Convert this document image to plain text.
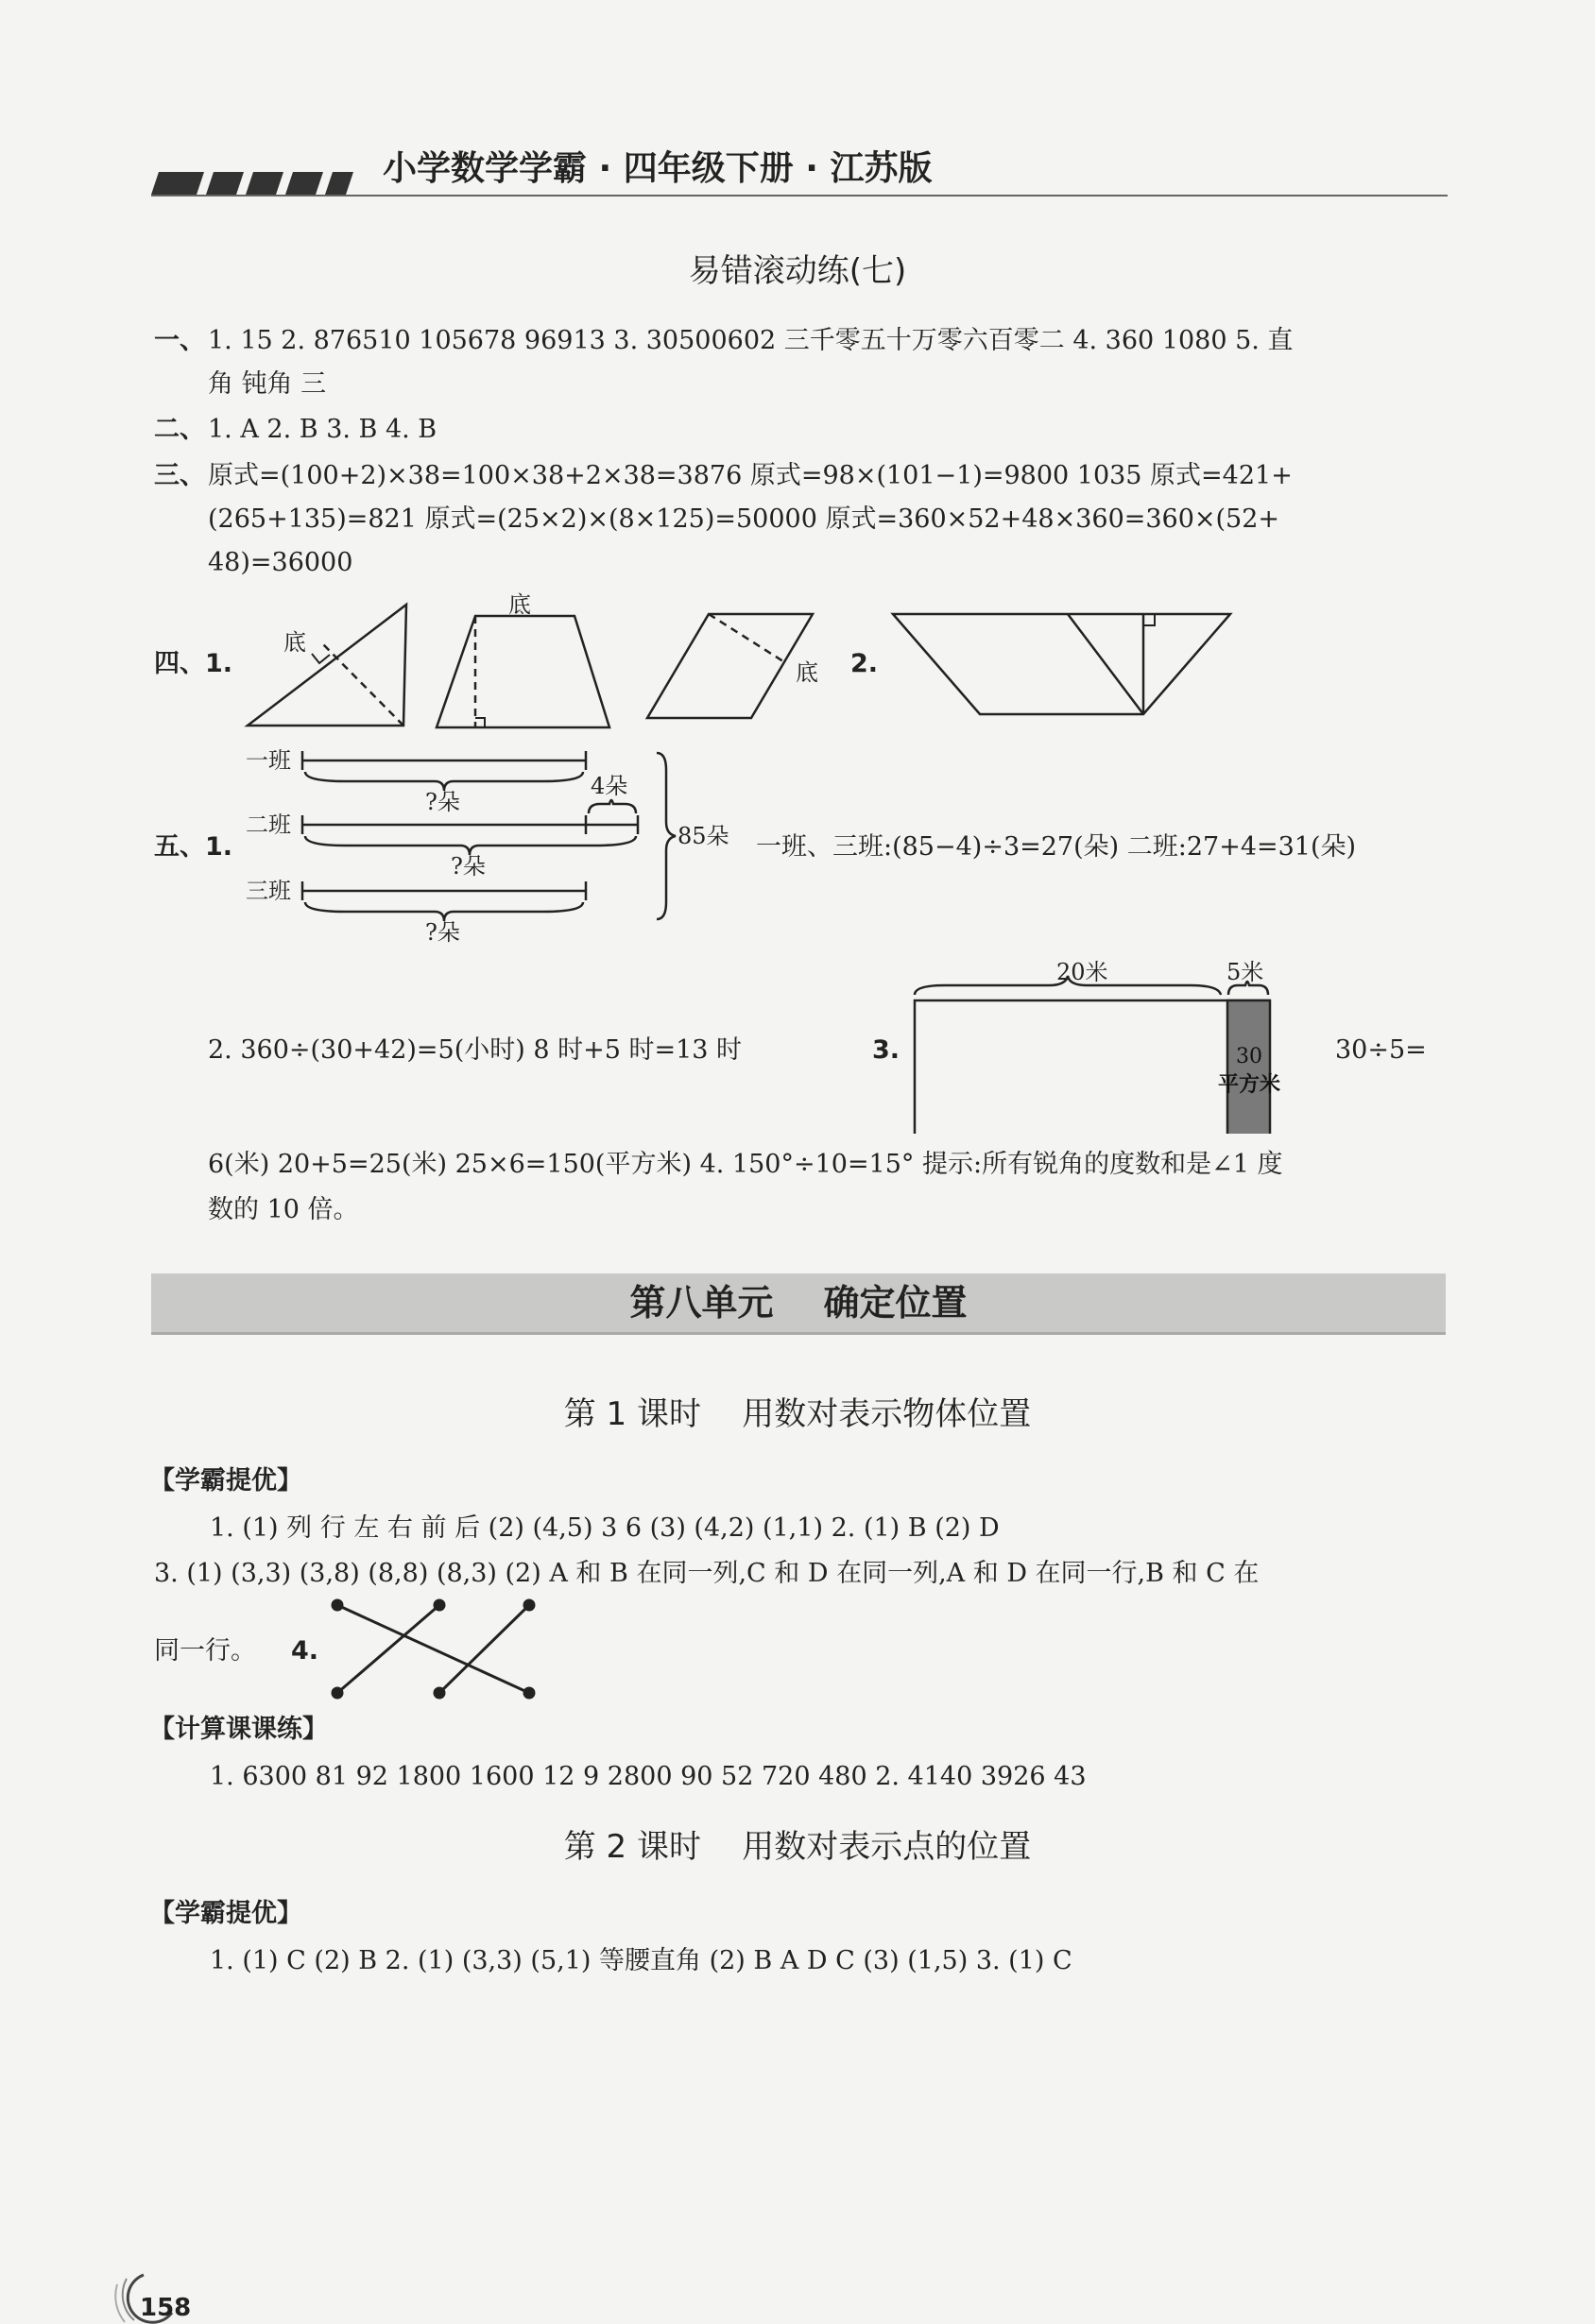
小学数学学霸 · 四年级下册 · 江苏版
易错滚动练(七)
一、 1. 15 2. 876510 105678 96913 3. 30500602 三千零五十万零六百零二 4. 360 1080 5. 直
角 钝角 三
二、 1. A 2. B 3. B 4. B
三、 原式=(100+2)×38=100×38+2×38=3876 原式=98×(101−1)=9800 1035 原式=421+
(265+135)=821 原式=(25×2)×(8×125)=50000 原式=360×52+48×360=360×(52+
48)=36000
四、1.
底
底
底 2.
五、1.
一班
二班
三班
?朵
?朵
?朵
4朵
85朵 一班、三班:(85−4)÷3=27(朵) 二班:27+4=31(朵)
2. 360÷(30+42)=5(小时) 8 时+5 时=13 时	3.
20米	5米
30
平方米
30÷5=
6(米) 20+5=25(米) 25×6=150(平方米) 4. 150°÷10=15° 提示:所有锐角的度数和是∠1 度
数的 10 倍。
第八单元    确定位置
第 1 课时    用数对表示物体位置
【学霸提优】
1. (1) 列 行 左 右 前 后 (2) (4,5) 3 6 (3) (4,2) (1,1) 2. (1) B (2) D
3. (1) (3,3) (3,8) (8,8) (8,3) (2) A 和 B 在同一列,C 和 D 在同一列,A 和 D 在同一行,B 和 C 在
同一行。 4.
【计算课课练】
1. 6300 81 92 1800 1600 12 9 2800 90 52 720 480 2. 4140 3926 43
第 2 课时    用数对表示点的位置
【学霸提优】
1. (1) C (2) B 2. (1) (3,3) (5,1) 等腰直角 (2) B A D C (3) (1,5) 3. (1) C
158
